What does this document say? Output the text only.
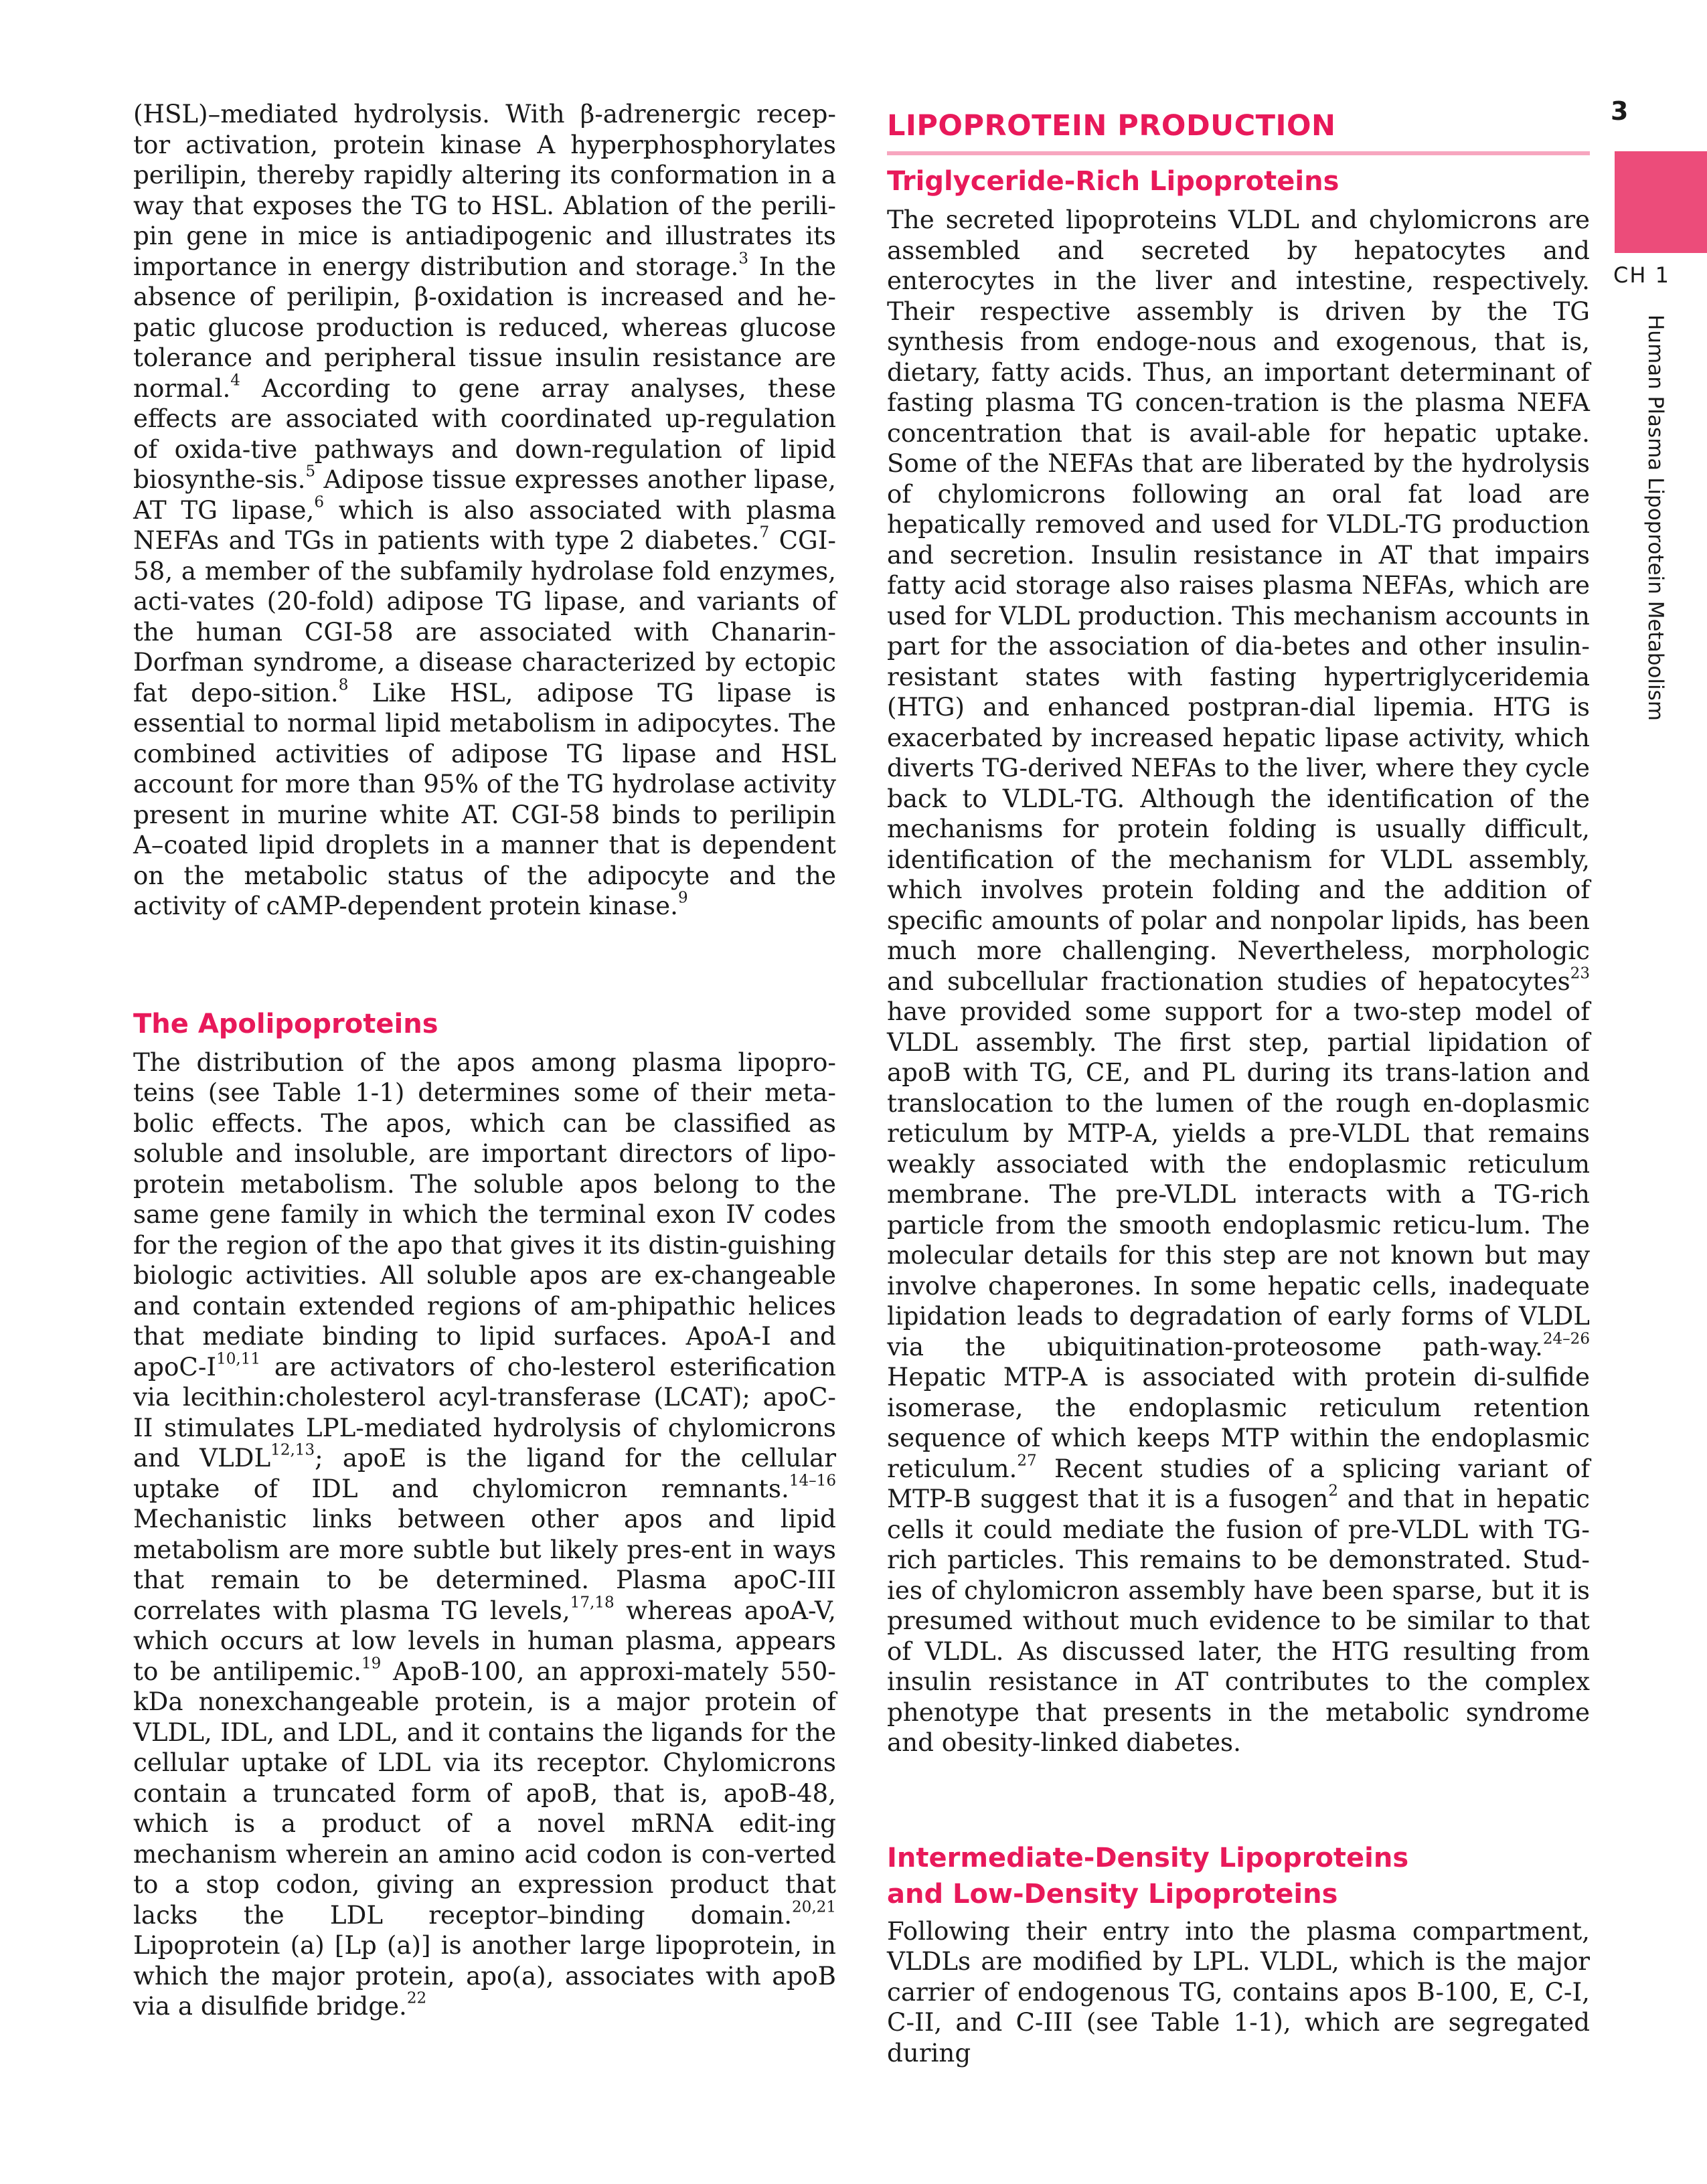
(HSL)–mediated hydrolysis. With β-adrenergic recep-tor activation, protein kinase A hyperphosphorylates perilipin, thereby rapidly altering its conformation in a way that exposes the TG to HSL. Ablation of the perili-pin gene in mice is antiadipogenic and illustrates its importance in energy distribution and storage.$^3$ In the absence of perilipin, β-oxidation is increased and he-patic glucose production is reduced, whereas glucose tolerance and peripheral tissue insulin resistance are normal.$^4$ According to gene array analyses, these effects are associated with coordinated up-regulation of oxida-tive pathways and down-regulation of lipid biosynthe-sis.$^5$ Adipose tissue expresses another lipase, AT TG lipase,$^6$ which is also associated with plasma NEFAs and TGs in patients with type 2 diabetes.$^7$ CGI-58, a member of the subfamily hydrolase fold enzymes, acti-vates (20-fold) adipose TG lipase, and variants of the human CGI-58 are associated with Chanarin-Dorfman syndrome, a disease characterized by ectopic fat depo-sition.$^8$ Like HSL, adipose TG lipase is essential to normal lipid metabolism in adipocytes. The combined activities of adipose TG lipase and HSL account for more than 95% of the TG hydrolase activity present in murine white AT. CGI-58 binds to perilipin A–coated lipid droplets in a manner that is dependent on the metabolic status of the adipocyte and the activity of cAMP-dependent protein kinase.$^9$

The Apolipoproteins

The distribution of the apos among plasma lipopro-teins (see Table 1-1) determines some of their meta-bolic effects. The apos, which can be classified as soluble and insoluble, are important directors of lipo-protein metabolism. The soluble apos belong to the same gene family in which the terminal exon IV codes for the region of the apo that gives it its distin-guishing biologic activities. All soluble apos are ex-changeable and contain extended regions of am-phipathic helices that mediate binding to lipid surfaces. ApoA-I and apoC-$I^{10,11}$ are activators of cho-lesterol esterification via lecithin:cholesterol acyl-transferase (LCAT); apoC-II stimulates LPL-mediated hydrolysis of chylomicrons and VLDL$^{12,13}$; apoE is the ligand for the cellular uptake of IDL and chylomicron remnants.$^{14-16}$ Mechanistic links between other apos and lipid metabolism are more subtle but likely pres-ent in ways that remain to be determined. Plasma apoC-III correlates with plasma TG levels,$^{17,18}$ whereas apoA-V, which occurs at low levels in human plasma, appears to be antilipemic.$^{19}$ ApoB-100, an approxi-mately 550-kDa nonexchangeable protein, is a major protein of VLDL, IDL, and LDL, and it contains the ligands for the cellular uptake of LDL via its receptor. Chylomicrons contain a truncated form of apoB, that is, apoB-48, which is a product of a novel mRNA edit-ing mechanism wherein an amino acid codon is con-verted to a stop codon, giving an expression product that lacks the LDL receptor–binding domain.$^{20,21}$ Lipoprotein (a) [Lp (a)] is another large lipoprotein, in which the major protein, apo(a), associates with apoB via a disulfide bridge.$^{22}$

LIPOPROTEIN PRODUCTION
Triglyceride-Rich Lipoproteins

The secreted lipoproteins VLDL and chylomicrons are assembled and secreted by hepatocytes and enterocytes in the liver and intestine, respectively. Their respective assembly is driven by the TG synthesis from endoge-nous and exogenous, that is, dietary, fatty acids. Thus, an important determinant of fasting plasma TG concen-tration is the plasma NEFA concentration that is avail-able for hepatic uptake. Some of the NEFAs that are liberated by the hydrolysis of chylomicrons following an oral fat load are hepatically removed and used for VLDL-TG production and secretion. Insulin resistance in AT that impairs fatty acid storage also raises plasma NEFAs, which are used for VLDL production. This mechanism accounts in part for the association of dia-betes and other insulin-resistant states with fasting hypertriglyceridemia (HTG) and enhanced postpran-dial lipemia. HTG is exacerbated by increased hepatic lipase activity, which diverts TG-derived NEFAs to the liver, where they cycle back to VLDL-TG. Although the identification of the mechanisms for protein folding is usually difficult, identification of the mechanism for VLDL assembly, which involves protein folding and the addition of specific amounts of polar and nonpolar lipids, has been much more challenging. Nevertheless, morphologic and subcellular fractionation studies of hepatocytes$^{23}$ have provided some support for a two-step model of VLDL assembly. The first step, partial lipidation of apoB with TG, CE, and PL during its trans-lation and translocation to the lumen of the rough en-doplasmic reticulum by MTP-A, yields a pre-VLDL that remains weakly associated with the endoplasmic reticulum membrane. The pre-VLDL interacts with a TG-rich particle from the smooth endoplasmic reticu-lum. The molecular details for this step are not known but may involve chaperones. In some hepatic cells, inadequate lipidation leads to degradation of early forms of VLDL via the ubiquitination-proteosome path-way.$^{24-26}$ Hepatic MTP-A is associated with protein di-sulfide isomerase, the endoplasmic reticulum retention sequence of which keeps MTP within the endoplasmic reticulum.$^{27}$ Recent studies of a splicing variant of MTP-B suggest that it is a fusogen$^2$ and that in hepatic cells it could mediate the fusion of pre-VLDL with TG-rich particles. This remains to be demonstrated. Stud-ies of chylomicron assembly have been sparse, but it is presumed without much evidence to be similar to that of VLDL. As discussed later, the HTG resulting from insulin resistance in AT contributes to the complex phenotype that presents in the metabolic syndrome and obesity-linked diabetes.

Intermediate-Density Lipoproteins
and Low-Density Lipoproteins

Following their entry into the plasma compartment, VLDLs are modified by LPL. VLDL, which is the major carrier of endogenous TG, contains apos B-100, E, C-I, C-II, and C-III (see Table 1-1), which are segregated during

3
CH 1
Human Plasma Lipoprotein Metabolism
